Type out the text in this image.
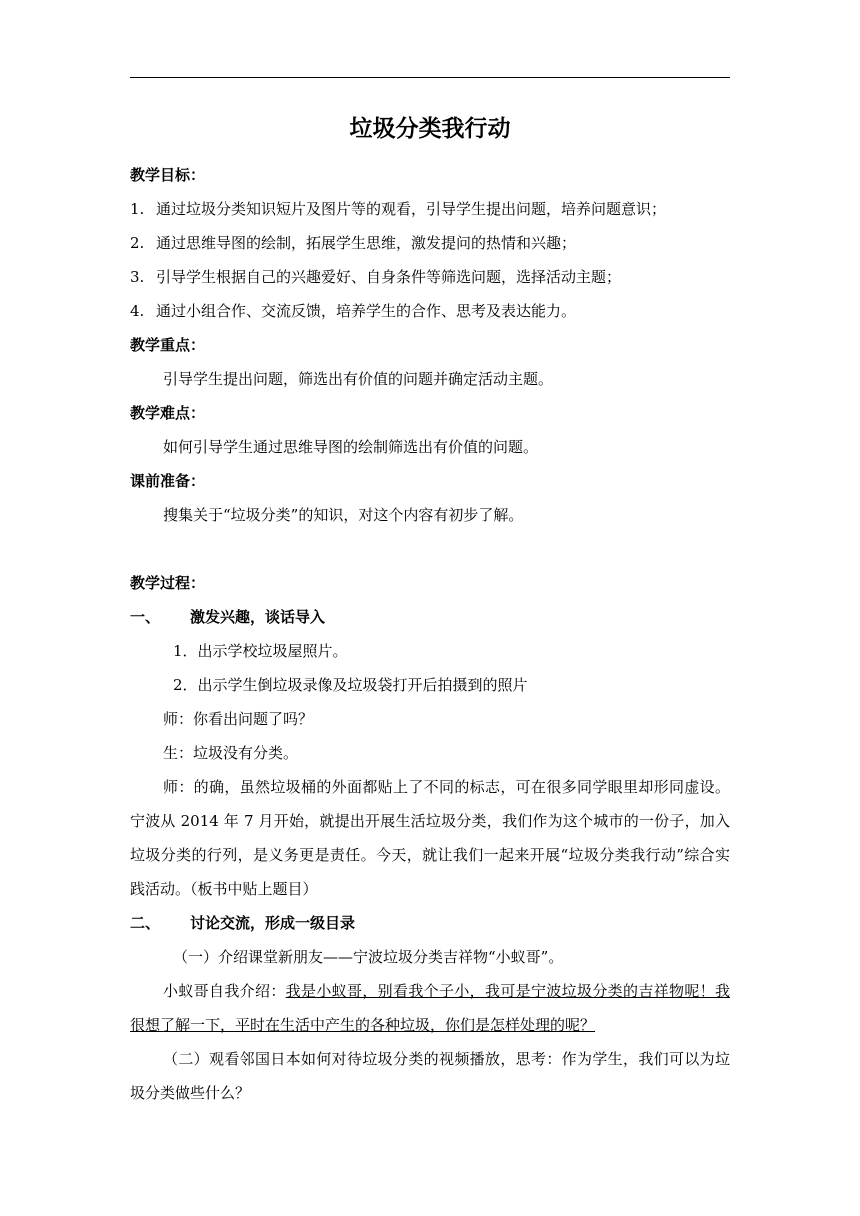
垃圾分类我行动
教学目标：
1. 通过垃圾分类知识短片及图片等的观看，引导学生提出问题，培养问题意识；
2. 通过思维导图的绘制，拓展学生思维，激发提问的热情和兴趣；
3. 引导学生根据自己的兴趣爱好、自身条件等筛选问题，选择活动主题；
4. 通过小组合作、交流反馈，培养学生的合作、思考及表达能力。
教学重点：
引导学生提出问题，筛选出有价值的问题并确定活动主题。
教学难点：
如何引导学生通过思维导图的绘制筛选出有价值的问题。
课前准备：
搜集关于“垃圾分类”的知识，对这个内容有初步了解。
教学过程：
一、 激发兴趣，谈话导入
1．出示学校垃圾屋照片。
2．出示学生倒垃圾录像及垃圾袋打开后拍摄到的照片
师：你看出问题了吗？
生：垃圾没有分类。
师：的确，虽然垃圾桶的外面都贴上了不同的标志，可在很多同学眼里却形同虚设。宁波从 2014 年 7 月开始，就提出开展生活垃圾分类，我们作为这个城市的一份子，加入垃圾分类的行列，是义务更是责任。今天，就让我们一起来开展“垃圾分类我行动”综合实践活动。（板书中贴上题目）
二、 讨论交流，形成一级目录
（一）介绍课堂新朋友——宁波垃圾分类吉祥物“小蚁哥”。
小蚁哥自我介绍：我是小蚁哥，别看我个子小，我可是宁波垃圾分类的吉祥物呢！我很想了解一下，平时在生活中产生的各种垃圾，你们是怎样处理的呢？
（二）观看邻国日本如何对待垃圾分类的视频播放，思考：作为学生，我们可以为垃圾分类做些什么？
